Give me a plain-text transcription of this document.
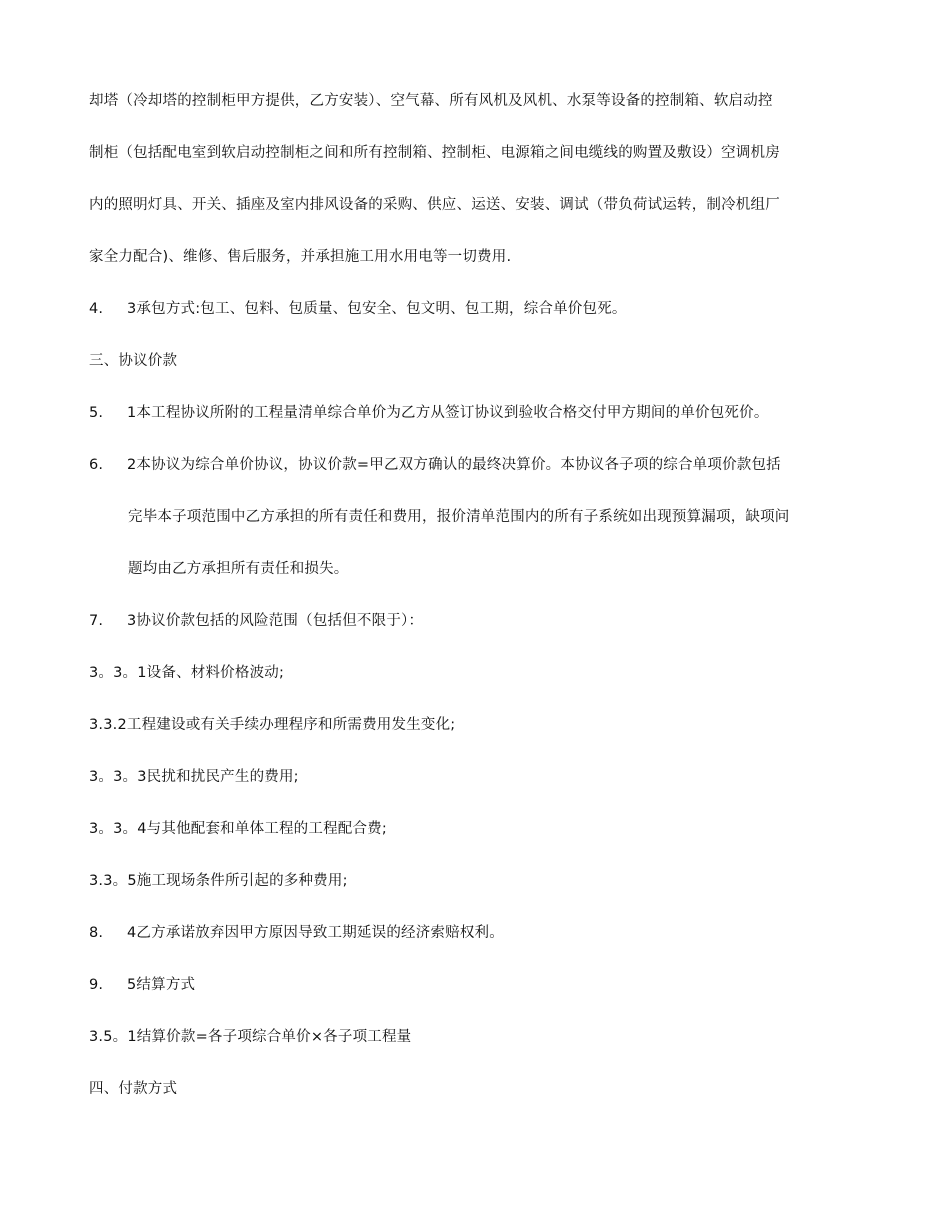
却塔（冷却塔的控制柜甲方提供，乙方安装）、空气幕、所有风机及风机、水泵等设备的控制箱、软启动控
制柜（包括配电室到软启动控制柜之间和所有控制箱、控制柜、电源箱之间电缆线的购置及敷设）空调机房
内的照明灯具、开关、插座及室内排风设备的采购、供应、运送、安装、调试（带负荷试运转，制冷机组厂
家全力配合)、维修、售后服务，并承担施工用水用电等一切费用.
4. 3承包方式:包工、包料、包质量、包安全、包文明、包工期，综合单价包死。
三、协议价款
5. 1本工程协议所附的工程量清单综合单价为乙方从签订协议到验收合格交付甲方期间的单价包死价。
6. 2本协议为综合单价协议，协议价款=甲乙双方确认的最终决算价。本协议各子项的综合单项价款包括
完毕本子项范围中乙方承担的所有责任和费用，报价清单范围内的所有子系统如出现预算漏项，缺项问
题均由乙方承担所有责任和损失。
7. 3协议价款包括的风险范围（包括但不限于）：
3。3。1设备、材料价格波动;
3.3.2工程建设或有关手续办理程序和所需费用发生变化;
3。3。3民扰和扰民产生的费用;
3。3。4与其他配套和单体工程的工程配合费;
3.3。5施工现场条件所引起的多种费用;
8. 4乙方承诺放弃因甲方原因导致工期延误的经济索赔权利。
9. 5结算方式
3.5。1结算价款=各子项综合单价×各子项工程量
四、付款方式
